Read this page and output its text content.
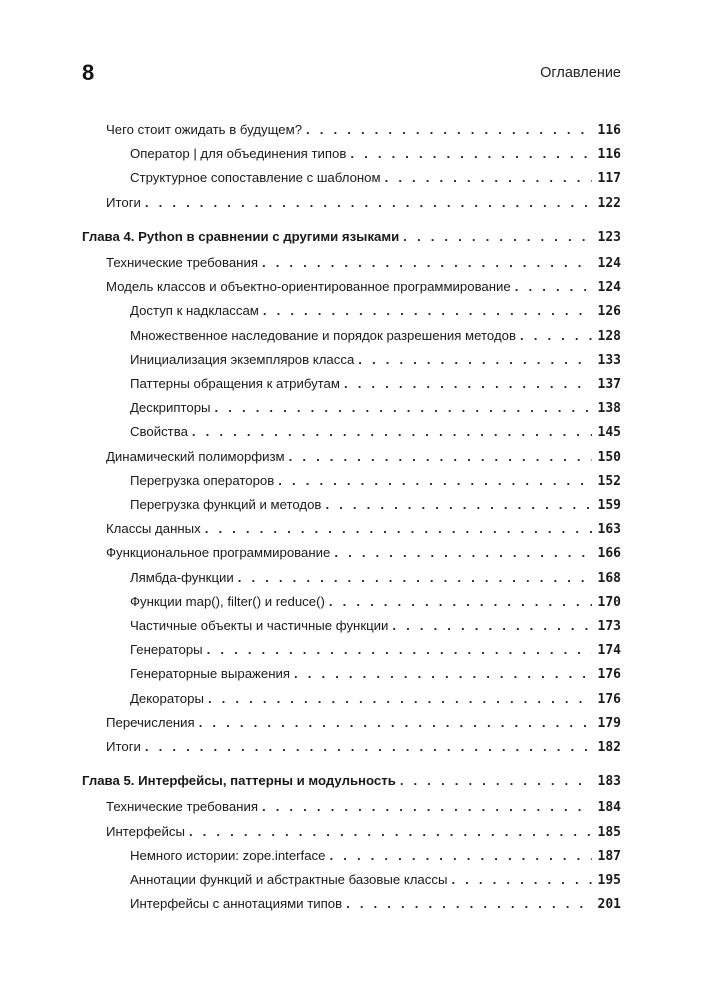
8	Оглавление
Чего стоит ожидать в будущем? . . .	116
Оператор | для объединения типов . . .	116
Структурное сопоставление с шаблоном . . .	117
Итоги . . .	122
Глава 4. Python в сравнении с другими языками . . .	123
Технические требования . . .	124
Модель классов и объектно-ориентированное программирование . . .	124
Доступ к надклассам . . .	126
Множественное наследование и порядок разрешения методов . . .	128
Инициализация экземпляров класса . . .	133
Паттерны обращения к атрибутам . . .	137
Дескрипторы . . .	138
Свойства . . .	145
Динамический полиморфизм . . .	150
Перегрузка операторов . . .	152
Перегрузка функций и методов . . .	159
Классы данных . . .	163
Функциональное программирование . . .	166
Лямбда-функции . . .	168
Функции map(), filter() и reduce() . . .	170
Частичные объекты и частичные функции . . .	173
Генераторы . . .	174
Генераторные выражения . . .	176
Декораторы . . .	176
Перечисления . . .	179
Итоги . . .	182
Глава 5. Интерфейсы, паттерны и модульность . . .	183
Технические требования . . .	184
Интерфейсы . . .	185
Немного истории: zope.interface . . .	187
Аннотации функций и абстрактные базовые классы . . .	195
Интерфейсы с аннотациями типов . . .	201
